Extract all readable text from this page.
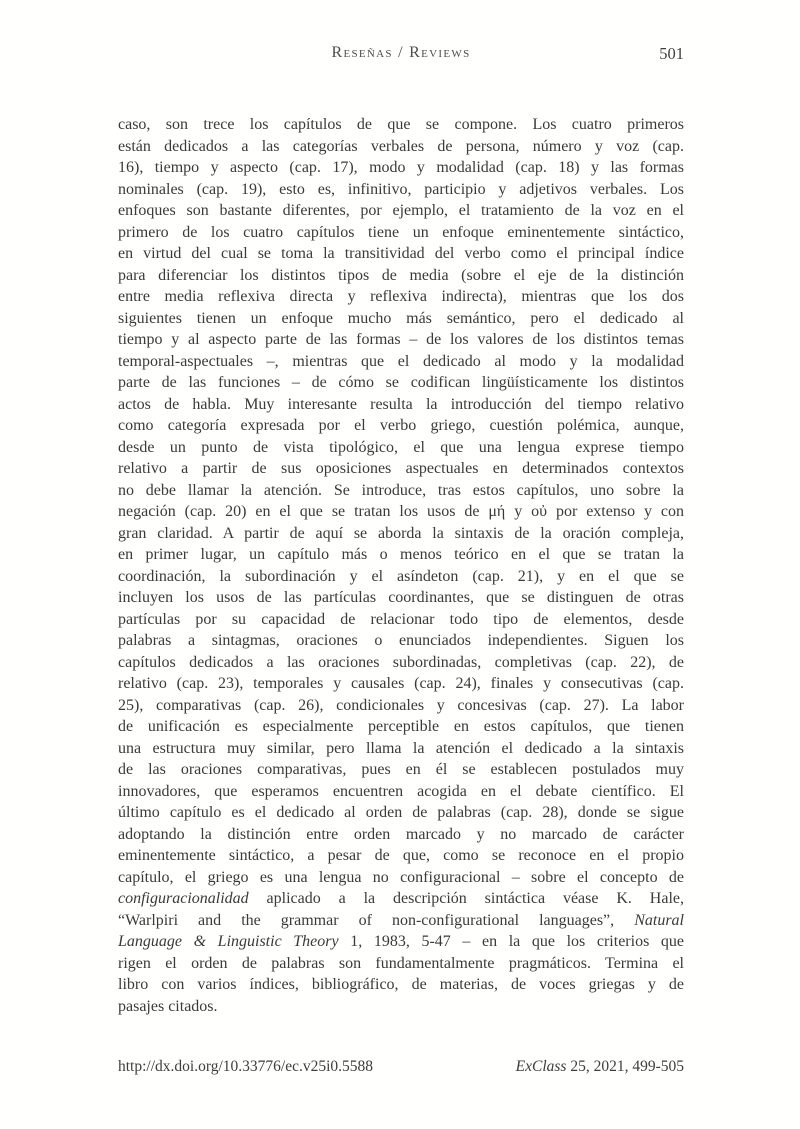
Reseñas / Reviews	501
caso, son trece los capítulos de que se compone. Los cuatro primeros
están dedicados a las categorías verbales de persona, número y voz (cap.
16), tiempo y aspecto (cap. 17), modo y modalidad (cap. 18) y las formas
nominales (cap. 19), esto es, infinitivo, participio y adjetivos verbales. Los
enfoques son bastante diferentes, por ejemplo, el tratamiento de la voz en el
primero de los cuatro capítulos tiene un enfoque eminentemente sintáctico,
en virtud del cual se toma la transitividad del verbo como el principal índice
para diferenciar los distintos tipos de media (sobre el eje de la distinción
entre media reflexiva directa y reflexiva indirecta), mientras que los dos
siguientes tienen un enfoque mucho más semántico, pero el dedicado al
tiempo y al aspecto parte de las formas – de los valores de los distintos temas
temporal-aspectuales –, mientras que el dedicado al modo y la modalidad
parte de las funciones – de cómo se codifican lingüísticamente los distintos
actos de habla. Muy interesante resulta la introducción del tiempo relativo
como categoría expresada por el verbo griego, cuestión polémica, aunque,
desde un punto de vista tipológico, el que una lengua exprese tiempo
relativo a partir de sus oposiciones aspectuales en determinados contextos
no debe llamar la atención. Se introduce, tras estos capítulos, uno sobre la
negación (cap. 20) en el que se tratan los usos de μή y οὐ por extenso y con
gran claridad. A partir de aquí se aborda la sintaxis de la oración compleja,
en primer lugar, un capítulo más o menos teórico en el que se tratan la
coordinación, la subordinación y el asíndeton (cap. 21), y en el que se
incluyen los usos de las partículas coordinantes, que se distinguen de otras
partículas por su capacidad de relacionar todo tipo de elementos, desde
palabras a sintagmas, oraciones o enunciados independientes. Siguen los
capítulos dedicados a las oraciones subordinadas, completivas (cap. 22), de
relativo (cap. 23), temporales y causales (cap. 24), finales y consecutivas (cap.
25), comparativas (cap. 26), condicionales y concesivas (cap. 27). La labor
de unificación es especialmente perceptible en estos capítulos, que tienen
una estructura muy similar, pero llama la atención el dedicado a la sintaxis
de las oraciones comparativas, pues en él se establecen postulados muy
innovadores, que esperamos encuentren acogida en el debate científico. El
último capítulo es el dedicado al orden de palabras (cap. 28), donde se sigue
adoptando la distinción entre orden marcado y no marcado de carácter
eminentemente sintáctico, a pesar de que, como se reconoce en el propio
capítulo, el griego es una lengua no configuracional – sobre el concepto de
configuracionalidad aplicado a la descripción sintáctica véase K. Hale,
“Warlpiri and the grammar of non-configurational languages”, Natural
Language & Linguistic Theory 1, 1983, 5-47 – en la que los criterios que
rigen el orden de palabras son fundamentalmente pragmáticos. Termina el
libro con varios índices, bibliográfico, de materias, de voces griegas y de
pasajes citados.
http://dx.doi.org/10.33776/ec.v25i0.5588	ExClass 25, 2021, 499-505
